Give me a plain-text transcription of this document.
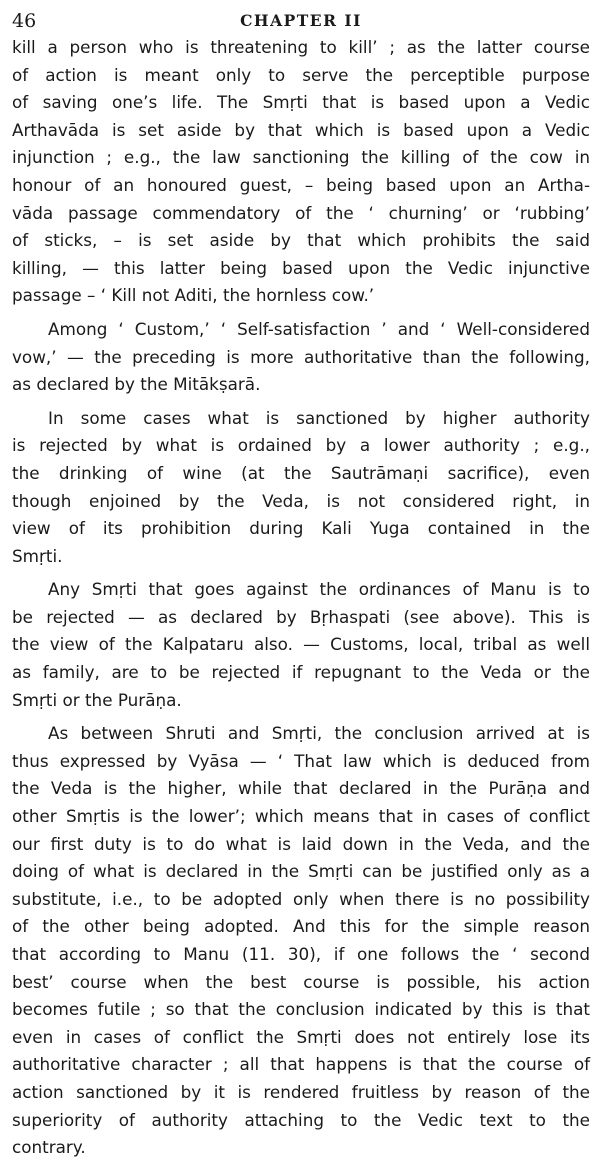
46	CHAPTER II

kill a person who is threatening to kill’ ; as the latter course
of action is meant only to serve the perceptible purpose
of saving one’s life. The Smṛti that is based upon a Vedic
Arthavāda is set aside by that which is based upon a Vedic
injunction ; e.g., the law sanctioning the killing of the cow in
honour of an honoured guest, – being based upon an Artha-
vāda passage commendatory of the ‘ churning’ or ‘rubbing’
of sticks, – is set aside by that which prohibits the said
killing, — this latter being based upon the Vedic injunctive
passage – ‘ Kill not Aditi, the hornless cow.’

Among ‘ Custom,’ ‘ Self-satisfaction ’ and ‘ Well-considered
vow,’ — the preceding is more authoritative than the following,
as declared by the Mitākṣarā.

In some cases what is sanctioned by higher authority
is rejected by what is ordained by a lower authority ; e.g.,
the drinking of wine (at the Sautrāmaṇi sacrifice), even
though enjoined by the Veda, is not considered right, in
view of its prohibition during Kali Yuga contained in the
Smṛti.

Any Smṛti that goes against the ordinances of Manu is to
be rejected — as declared by Bṛhaspati (see above). This is
the view of the Kalpataru also. — Customs, local, tribal as well
as family, are to be rejected if repugnant to the Veda or the
Smṛti or the Purāṇa.

As between Shruti and Smṛti, the conclusion arrived at is
thus expressed by Vyāsa — ‘ That law which is deduced from
the Veda is the higher, while that declared in the Purāṇa and
other Smṛtis is the lower’; which means that in cases of conflict
our first duty is to do what is laid down in the Veda, and the
doing of what is declared in the Smṛti can be justified only as a
substitute, i.e., to be adopted only when there is no possibility
of the other being adopted. And this for the simple reason
that according to Manu (11. 30), if one follows the ‘ second
best’ course when the best course is possible, his action
becomes futile ; so that the conclusion indicated by this is that
even in cases of conflict the Smṛti does not entirely lose its
authoritative character ; all that happens is that the course of
action sanctioned by it is rendered fruitless by reason of the
superiority of authority attaching to the Vedic text to the
contrary.
